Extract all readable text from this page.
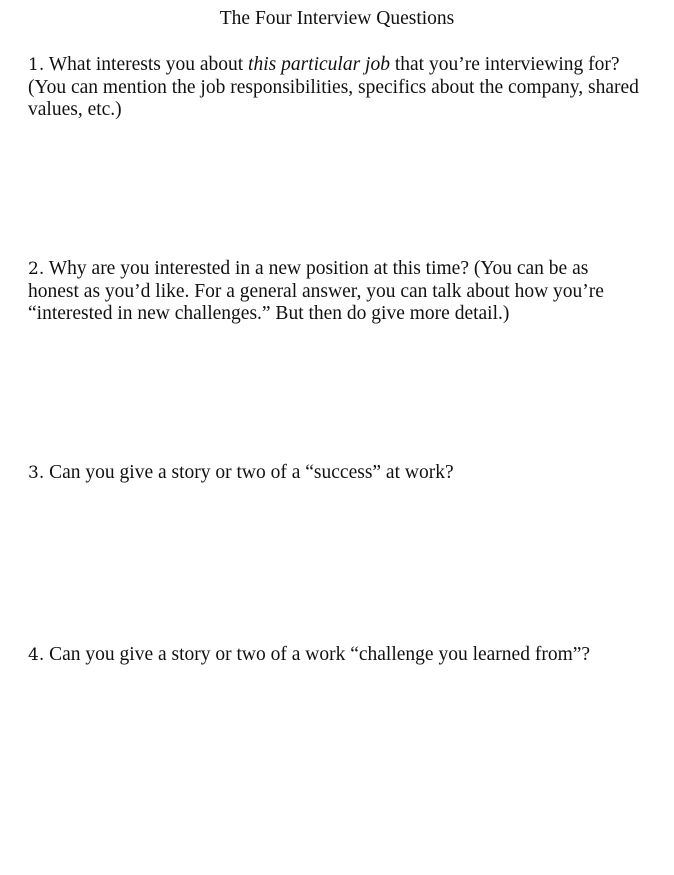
The Four Interview Questions

1. What interests you about this particular job that you’re interviewing for? (You can mention the job responsibilities, specifics about the company, shared values, etc.)

2. Why are you interested in a new position at this time? (You can be as honest as you’d like. For a general answer, you can talk about how you’re “interested in new challenges.” But then do give more detail.)

3. Can you give a story or two of a “success” at work?

4. Can you give a story or two of a work “challenge you learned from”?
